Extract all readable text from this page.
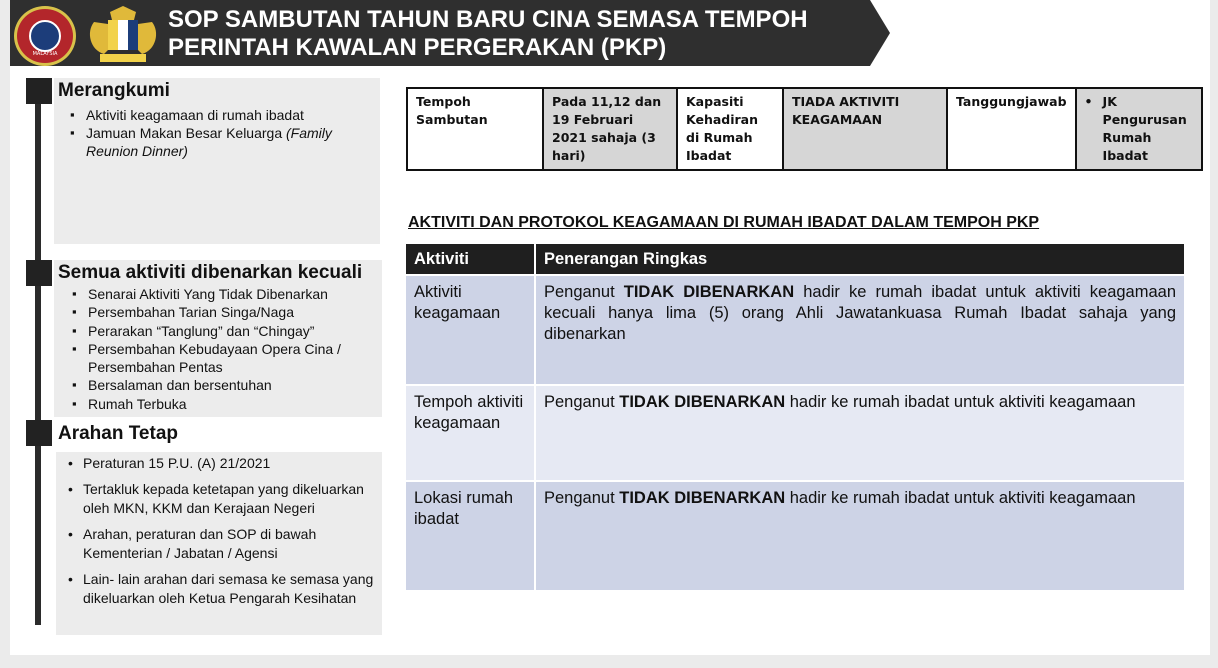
MALAYSIA
SOP SAMBUTAN TAHUN BARU CINA SEMASA TEMPOH
PERINTAH KAWALAN PERGERAKAN (PKP)
Merangkumi
▪ Aktiviti keagamaan di rumah ibadat
▪ Jamuan Makan Besar Keluarga (Family Reunion Dinner)
Semua aktiviti dibenarkan kecuali
▪ Senarai Aktiviti Yang Tidak Dibenarkan
▪ Persembahan Tarian Singa/Naga
▪ Perarakan “Tanglung” dan “Chingay”
▪ Persembahan Kebudayaan Opera Cina / Persembahan Pentas
▪ Bersalaman dan bersentuhan
▪ Rumah Terbuka
Arahan Tetap
• Peraturan 15 P.U. (A) 21/2021
• Tertakluk kepada ketetapan yang dikeluarkan oleh MKN, KKM dan Kerajaan Negeri
• Arahan, peraturan dan SOP di bawah Kementerian / Jabatan / Agensi
• Lain- lain arahan dari semasa ke semasa yang dikeluarkan oleh Ketua Pengarah Kesihatan
Tempoh Sambutan	Pada 11,12 dan 19 Februari 2021 sahaja (3 hari)	Kapasiti Kehadiran di Rumah Ibadat	TIADA AKTIVITI KEAGAMAAN	Tanggungjawab	• JK Pengurusan Rumah Ibadat
AKTIVITI DAN PROTOKOL KEAGAMAAN DI RUMAH IBADAT DALAM TEMPOH PKP
Aktiviti	Penerangan Ringkas
Aktiviti keagamaan	Penganut TIDAK DIBENARKAN hadir ke rumah ibadat untuk aktiviti keagamaan kecuali hanya lima (5) orang Ahli Jawatankuasa Rumah Ibadat sahaja yang dibenarkan
Tempoh aktiviti keagamaan	Penganut TIDAK DIBENARKAN hadir ke rumah ibadat untuk aktiviti keagamaan
Lokasi rumah ibadat	Penganut TIDAK DIBENARKAN hadir ke rumah ibadat untuk aktiviti keagamaan
